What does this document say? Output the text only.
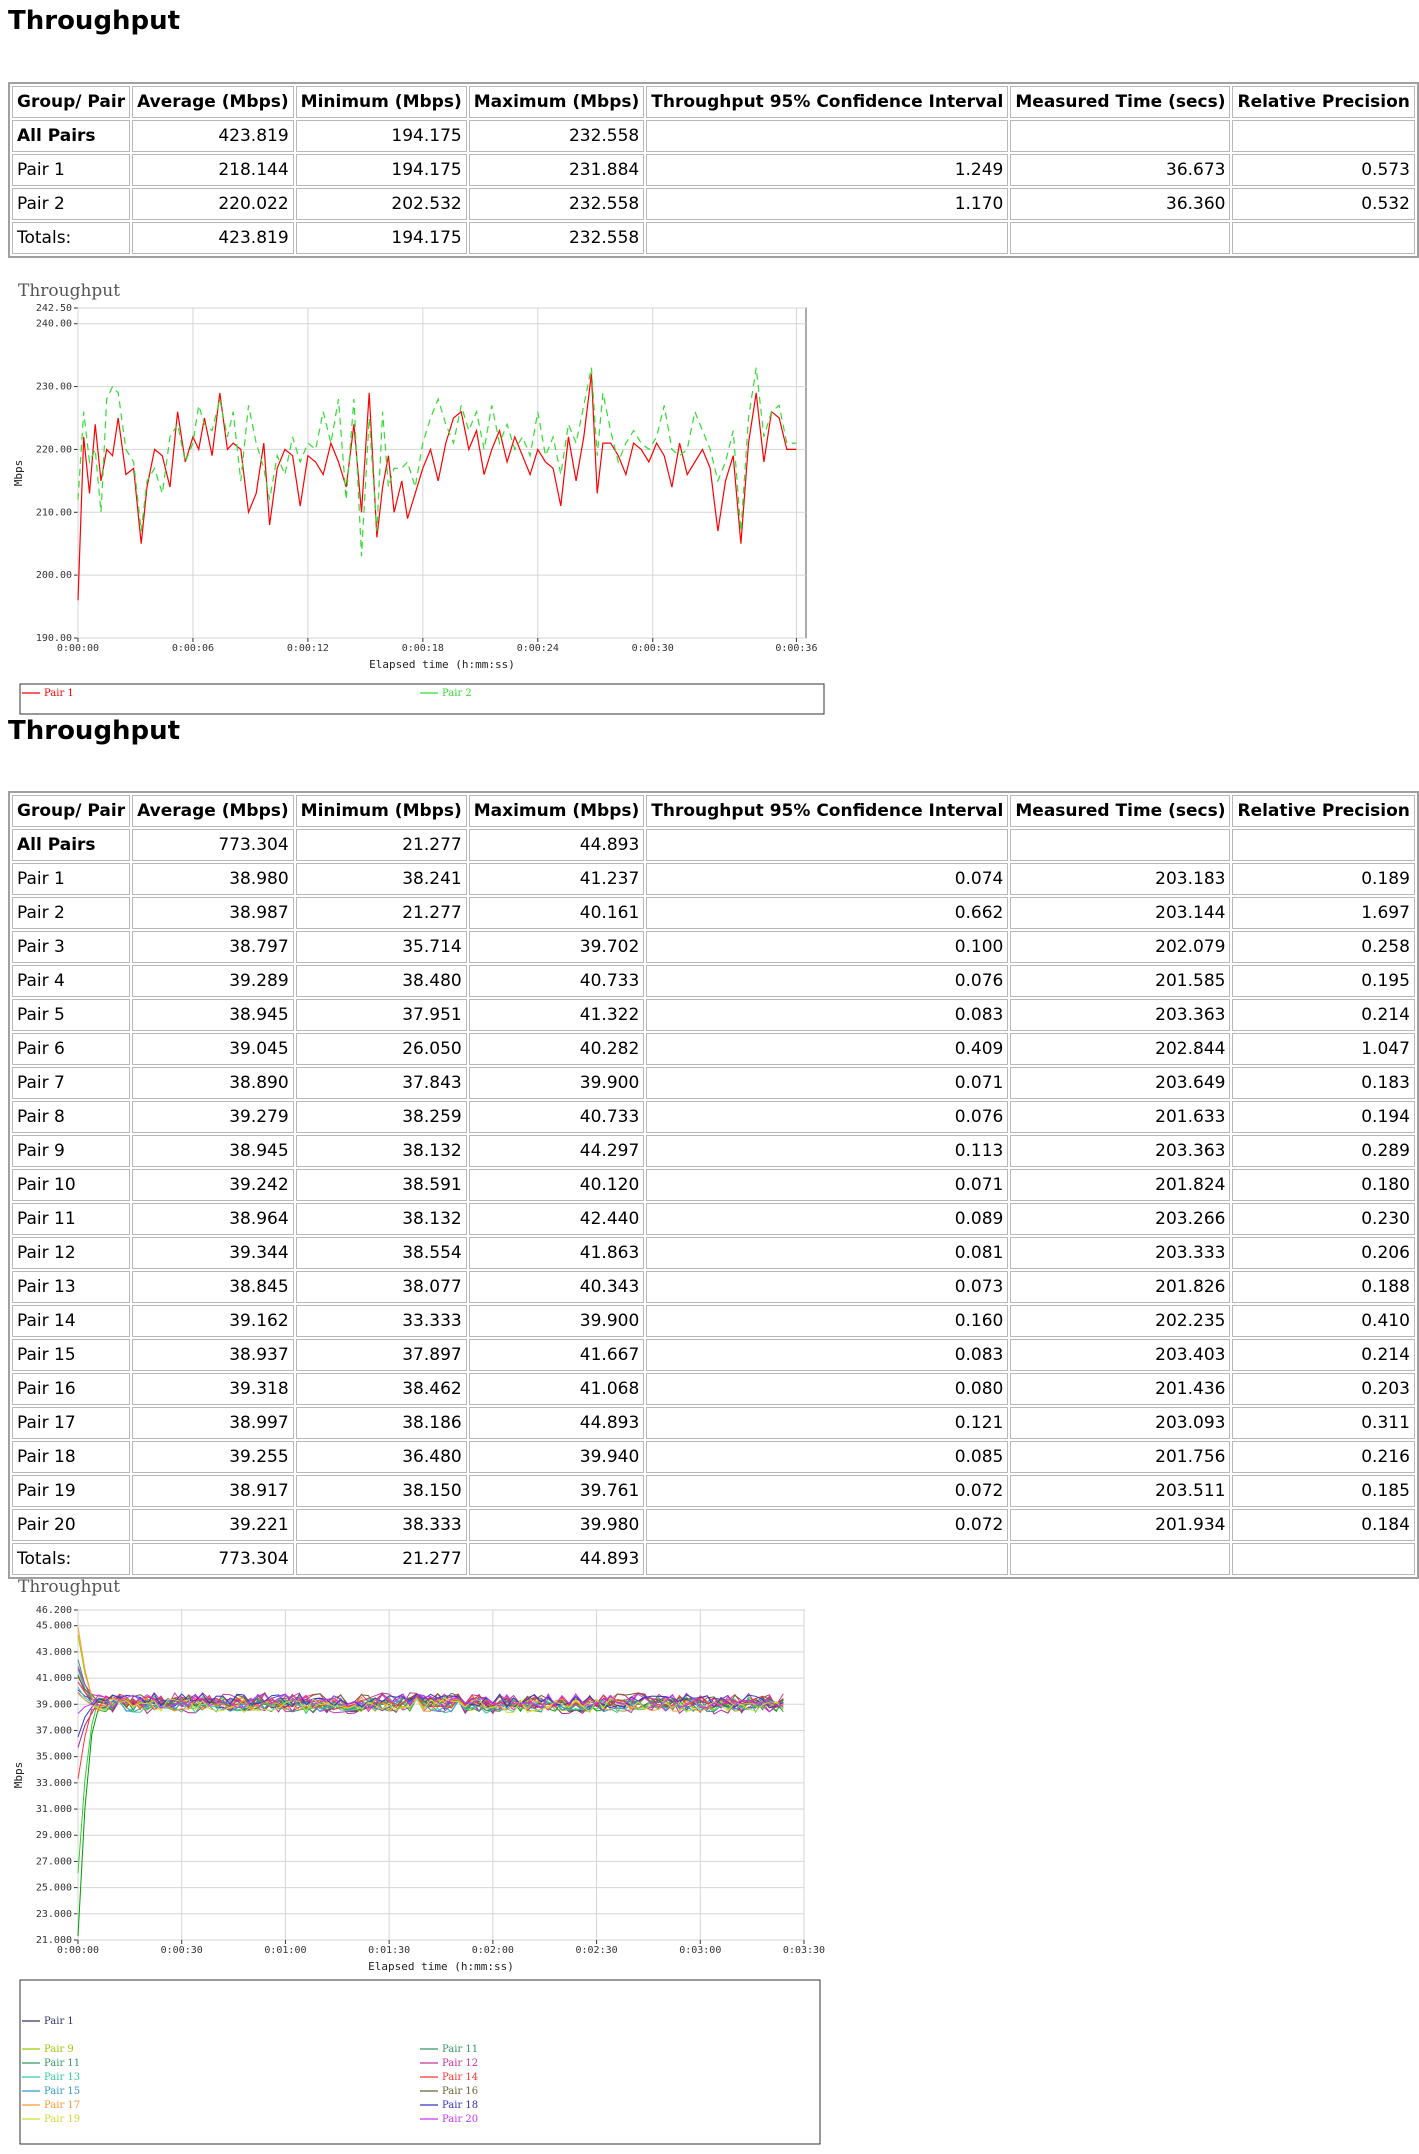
Throughput
Group/ Pair	Average (Mbps)	Minimum (Mbps)	Maximum (Mbps)	Throughput 95% Confidence Interval	Measured Time (secs)	Relative Precision
All Pairs	423.819	194.175	232.558			
Pair 1	218.144	194.175	231.884	1.249	36.673	0.573
Pair 2	220.022	202.532	232.558	1.170	36.360	0.532
Totals:	423.819	194.175	232.558			
Throughput
190.00
200.00
210.00
220.00
230.00
240.00
242.50
0:00:00	0:00:06	0:00:12	0:00:18	0:00:24	0:00:30	0:00:36
Elapsed time (h:mm:ss)
Mbps
Pair 1	Pair 2
Throughput
Group/ Pair	Average (Mbps)	Minimum (Mbps)	Maximum (Mbps)	Throughput 95% Confidence Interval	Measured Time (secs)	Relative Precision
All Pairs	773.304	21.277	44.893			
Pair 1	38.980	38.241	41.237	0.074	203.183	0.189
Pair 2	38.987	21.277	40.161	0.662	203.144	1.697
Pair 3	38.797	35.714	39.702	0.100	202.079	0.258
Pair 4	39.289	38.480	40.733	0.076	201.585	0.195
Pair 5	38.945	37.951	41.322	0.083	203.363	0.214
Pair 6	39.045	26.050	40.282	0.409	202.844	1.047
Pair 7	38.890	37.843	39.900	0.071	203.649	0.183
Pair 8	39.279	38.259	40.733	0.076	201.633	0.194
Pair 9	38.945	38.132	44.297	0.113	203.363	0.289
Pair 10	39.242	38.591	40.120	0.071	201.824	0.180
Pair 11	38.964	38.132	42.440	0.089	203.266	0.230
Pair 12	39.344	38.554	41.863	0.081	203.333	0.206
Pair 13	38.845	38.077	40.343	0.073	201.826	0.188
Pair 14	39.162	33.333	39.900	0.160	202.235	0.410
Pair 15	38.937	37.897	41.667	0.083	203.403	0.214
Pair 16	39.318	38.462	41.068	0.080	201.436	0.203
Pair 17	38.997	38.186	44.893	0.121	203.093	0.311
Pair 18	39.255	36.480	39.940	0.085	201.756	0.216
Pair 19	38.917	38.150	39.761	0.072	203.511	0.185
Pair 20	39.221	38.333	39.980	0.072	201.934	0.184
Totals:	773.304	21.277	44.893			
Throughput
21.000
23.000
25.000
27.000
29.000
31.000
33.000
35.000
37.000
39.000
41.000
43.000
45.000
46.200
0:00:00	0:00:30	0:01:00	0:01:30	0:02:00	0:02:30	0:03:00	0:03:30
Elapsed time (h:mm:ss)
Mbps
Pair 1
Pair 9
Pair 11
Pair 13
Pair 15
Pair 17
Pair 19
Pair 11
Pair 12
Pair 14
Pair 16
Pair 18
Pair 20
